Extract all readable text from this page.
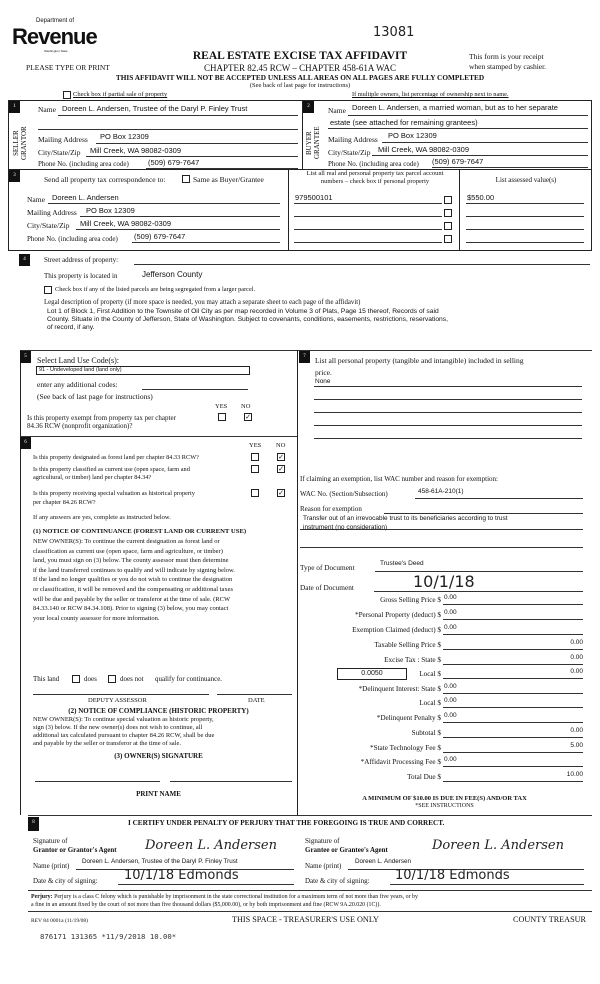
Department of
Revenue
Washington State
PLEASE TYPE OR PRINT
13081
REAL ESTATE EXCISE TAX AFFIDAVIT
CHAPTER 82.45 RCW – CHAPTER 458-61A WAC
THIS AFFIDAVIT WILL NOT BE ACCEPTED UNLESS ALL AREAS ON ALL PAGES ARE FULLY COMPLETED
(See back of last page for instructions)
This form is your receipt
when stamped by cashier.
Check box if partial sale of property	If multiple owners, list percentage of ownership next to name.
1	2
SELLER GRANTOR	BUYER GRANTEE
Name Doreen L. Andersen, Trustee of the Daryl P. Finley Trust
Mailing Address PO Box 12309
City/State/Zip Mill Creek, WA 98082-0309
Phone No. (including area code)	(509) 679-7647
Name Doreen L. Andersen, a married woman, but as to her separate
estate (see attached for remaining grantees)
Mailing Address PO Box 12309
City/State/Zip Mill Creek, WA 98082-0309
Phone No. (including area code) (509) 679-7647
3	Send all property tax correspondence to:	Same as Buyer/Grantee
Name Doreen L. Andersen
Mailing Address PO Box 12309
City/State/Zip Mill Creek, WA 98082-0309
Phone No. (including area code) (509) 679-7647
List all real and personal property tax parcel account
numbers – check box if personal property	List assessed value(s)
979500101	$550.00
4	Street address of property:
This property is located in	Jefferson County
Check box if any of the listed parcels are being segregated from a larger parcel.
Legal description of property (if more space is needed, you may attach a separate sheet to each page of the affidavit)
Lot 1 of Block 1, First Addition to the Townsite of Oil City as per map recorded in Volume 3 of Plats, Page 15 thereof, Records of said
County. Situate in the County of Jefferson, State of Washington. Subject to covenants, conditions, easements, restrictions, reservations,
of record, if any.
5	Select Land Use Code(s):
91 - Undeveloped land (land only)
enter any additional codes:
(See back of last page for instructions)
YES NO
Is this property exempt from property tax per chapter
84.36 RCW (nonprofit organization)?
✓
7	List all personal property (tangible and intangible) included in selling
price.
None
6	YES NO
Is this property designated as forest land per chapter 84.33 RCW?	✓
Is this property classified as current use (open space, farm and
agricultural, or timber) land per chapter 84.34?
✓
Is this property receiving special valuation as historical property
per chapter 84.26 RCW?
✓
If any answers are yes, complete as instructed below.
(1) NOTICE OF CONTINUANCE (FOREST LAND OR CURRENT USE)
NEW OWNER(S): To continue the current designation as forest land or
classification as current use (open space, farm and agriculture, or timber)
land, you must sign on (3) below. The county assessor must then determine
if the land transferred continues to qualify and will indicate by signing below.
If the land no longer qualifies or you do not wish to continue the designation
or classification, it will be removed and the compensating or additional taxes
will be due and payable by the seller or transferor at the time of sale. (RCW
84.33.140 or RCW 84.34.108). Prior to signing (3) below, you may contact
your local county assessor for more information.
This land	does	does not qualify for continuance.
DEPUTY ASSESSOR	DATE
(2) NOTICE OF COMPLIANCE (HISTORIC PROPERTY)
NEW OWNER(S): To continue special valuation as historic property,
sign (3) below. If the new owner(s) does not wish to continue, all
additional tax calculated pursuant to chapter 84.26 RCW, shall be due
and payable by the seller or transferor at the time of sale.
(3) OWNER(S) SIGNATURE
PRINT NAME
If claiming an exemption, list WAC number and reason for exemption:
WAC No. (Section/Subsection)	458-61A-210(1)
Reason for exemption
Transfer out of an irrevocable trust to its beneficiaries according to trust
instrument (no consideration)
Type of Document	Trustee's Deed
Date of Document	10/1/18
Gross Selling Price $ 0.00
*Personal Property (deduct) $ 0.00
Exemption Claimed (deduct) $ 0.00
Taxable Selling Price $	0.00
Excise Tax : State $	0.00
Local $	0.00
*Delinquent Interest: State $ 0.00
Local $ 0.00
*Delinquent Penalty $ 0.00
Subtotal $	0.00
*State Technology Fee $	5.00
*Affidavit Processing Fee $ 0.00
Total Due $	10.00
0.0050
A MINIMUM OF $10.00 IS DUE IN FEE(S) AND/OR TAX
*SEE INSTRUCTIONS
8	I CERTIFY UNDER PENALTY OF PERJURY THAT THE FOREGOING IS TRUE AND CORRECT.
Signature of
Grantor or Grantor's Agent Doreen L. Andersen	Signature of
Grantee or Grantee's Agent	Doreen L. Andersen
Name (print)
Doreen L. Andersen, Trustee of the Daryl P. Finley Trust
Name (print)
Doreen L. Andersen
Date & city of signing: 10/1/18 Edmonds	Date & city of signing: 10/1/18 Edmonds
Perjury: Perjury is a class C felony which is punishable by imprisonment in the state correctional institution for a maximum term of not more than five years, or by
a fine in an amount fixed by the court of not more than five thousand dollars ($5,000.00), or by both imprisonment and fine (RCW 9A.20.020 (1C)).
REV 84 0001a (11/19/08)	THIS SPACE - TREASURER'S USE ONLY	COUNTY TREASUR
876171 131365 *11/9/2018 10.00*
